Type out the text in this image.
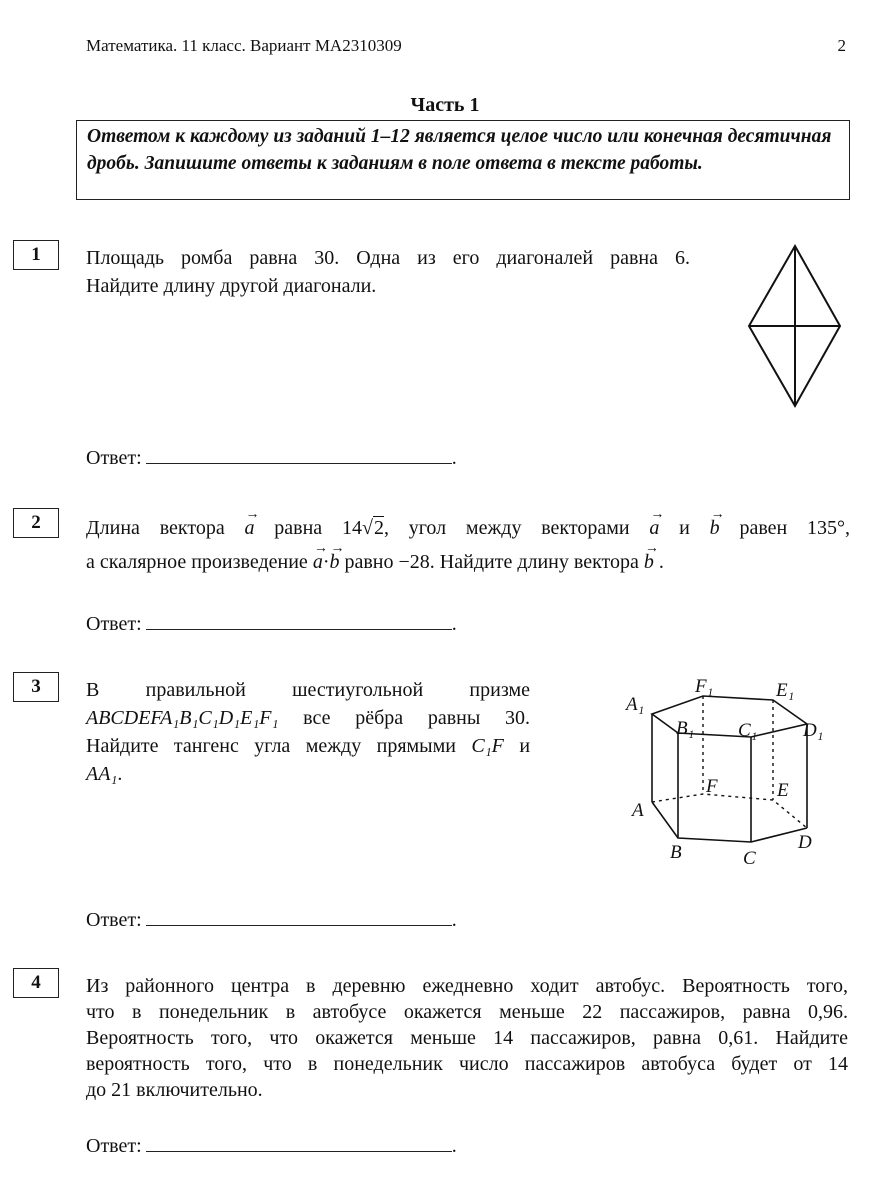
Математика. 11 класс. Вариант МА2310309	2
Часть 1
Ответом к каждому из заданий 1–12 является целое число или конечная десятичная дробь. Запишите ответы к заданиям в поле ответа в тексте работы.
1	Площадь ромба равна 30. Одна из его диагоналей равна 6.
Найдите длину другой диагонали.
Ответ:	.
2	Длина вектора
→
a равна 14√2, угол между векторами
→
a и
→
b равен 135°,
а скалярное произведение
→
a·
→
b равно −28. Найдите длину вектора
→
b .
Ответ:	.
3	В правильной шестиугольной призме
ABCDEFA₁B₁C₁D₁E₁F₁ все рёбра равны 30.
Найдите тангенс угла между прямыми C₁F и
AA₁.
A₁
F₁	E₁
B₁ C₁ D₁
F	E
A
B	C
D
Ответ:	.
4	Из районного центра в деревню ежедневно ходит автобус. Вероятность того,
что в понедельник в автобусе окажется меньше 22 пассажиров, равна 0,96.
Вероятность того, что окажется меньше 14 пассажиров, равна 0,61. Найдите
вероятность того, что в понедельник число пассажиров автобуса будет от 14
до 21 включительно.
Ответ:	.
